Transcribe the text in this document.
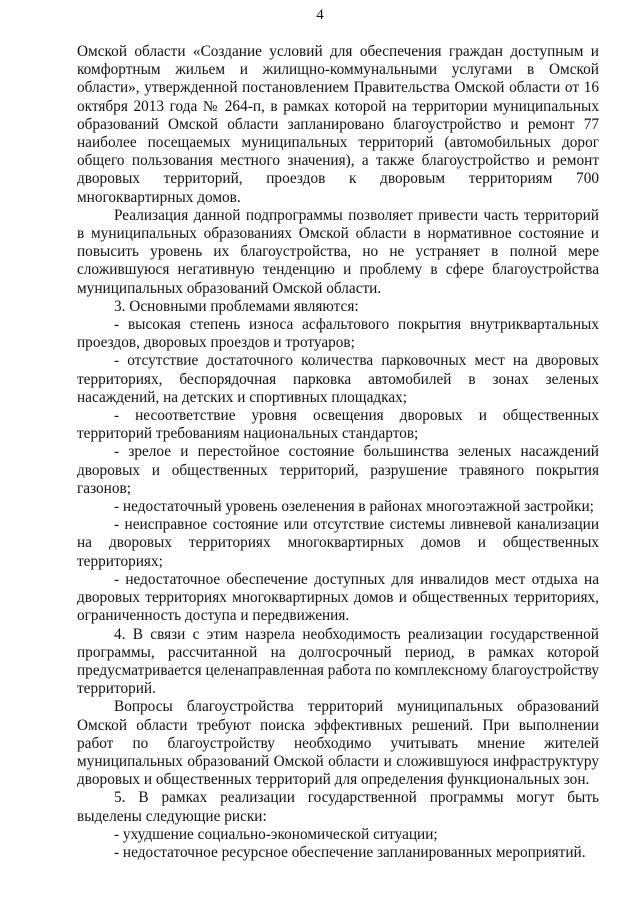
4

Омской области «Создание условий для обеспечения граждан доступным и комфортным жильем и жилищно-коммунальными услугами в Омской области», утвержденной постановлением Правительства Омской области от 16 октября 2013 года № 264-п, в рамках которой на территории муниципальных образований Омской области запланировано благоустройство и ремонт 77 наиболее посещаемых муниципальных территорий (автомобильных дорог общего пользования местного значения), а также благоустройство и ремонт дворовых территорий, проездов к дворовым территориям 700 многоквартирных домов.

Реализация данной подпрограммы позволяет привести часть территорий в муниципальных образованиях Омской области в нормативное состояние и повысить уровень их благоустройства, но не устраняет в полной мере сложившуюся негативную тенденцию и проблему в сфере благоустройства муниципальных образований Омской области.

3. Основными проблемами являются:

- высокая степень износа асфальтового покрытия внутриквартальных проездов, дворовых проездов и тротуаров;

- отсутствие достаточного количества парковочных мест на дворовых территориях, беспорядочная парковка автомобилей в зонах зеленых насаждений, на детских и спортивных площадках;

- несоответствие уровня освещения дворовых и общественных территорий требованиям национальных стандартов;

- зрелое и перестойное состояние большинства зеленых насаждений дворовых и общественных территорий, разрушение травяного покрытия газонов;

- недостаточный уровень озеленения в районах многоэтажной застройки;

- неисправное состояние или отсутствие системы ливневой канализации на дворовых территориях многоквартирных домов и общественных территориях;

- недостаточное обеспечение доступных для инвалидов мест отдыха на дворовых территориях многоквартирных домов и общественных территориях, ограниченность доступа и передвижения.

4. В связи с этим назрела необходимость реализации государственной программы, рассчитанной на долгосрочный период, в рамках которой предусматривается целенаправленная работа по комплексному благоустройству территорий.

Вопросы благоустройства территорий муниципальных образований Омской области требуют поиска эффективных решений. При выполнении работ по благоустройству необходимо учитывать мнение жителей муниципальных образований Омской области и сложившуюся инфраструктуру дворовых и общественных территорий для определения функциональных зон.

5. В рамках реализации государственной программы могут быть выделены следующие риски:

- ухудшение социально-экономической ситуации;

- недостаточное ресурсное обеспечение запланированных мероприятий.
